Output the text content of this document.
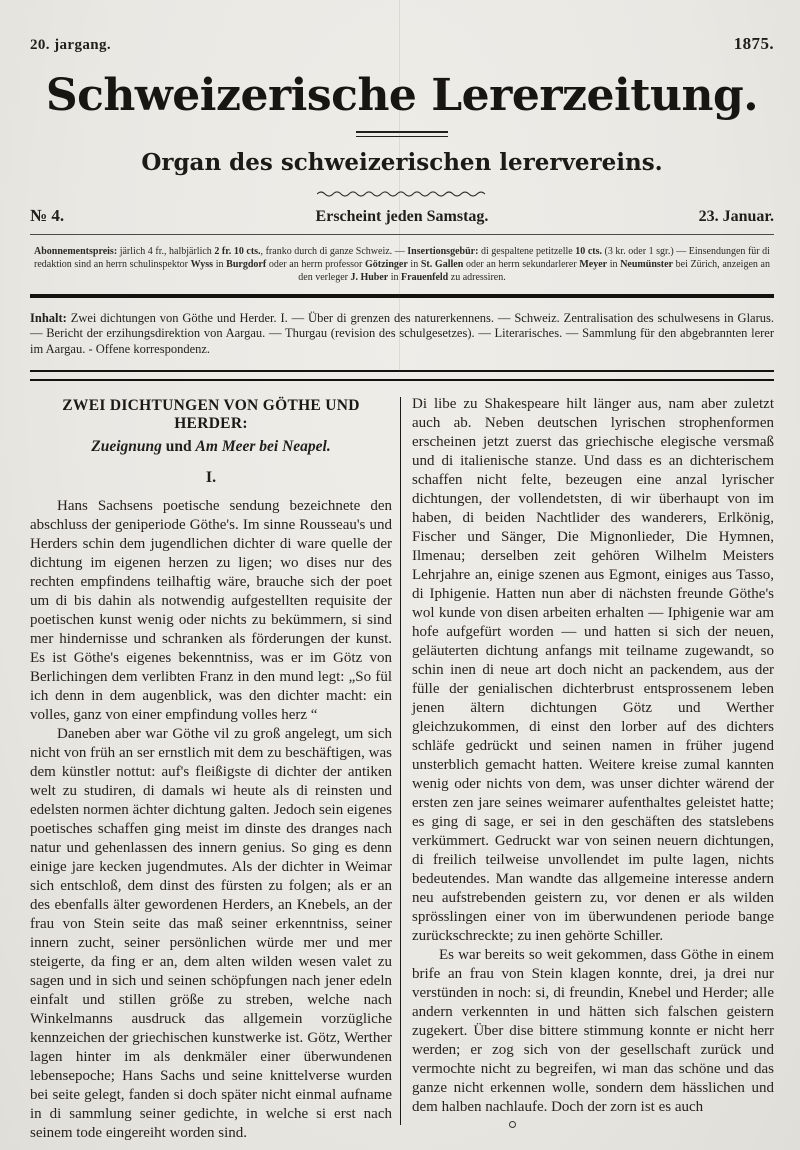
20. jargang.	1875.
Schweizerische Lererzeitung.
Organ des schweizerischen lerervereins.
№ 4.	Erscheint jeden Samstag.	23. Januar.

Abonnementspreis: järlich 4 fr., halbjärlich 2 fr. 10 cts., franko durch di ganze Schweiz. — Insertionsgebür: di gespaltene petitzelle 10 cts. (3 kr. oder 1 sgr.) — Einsendungen für di redaktion sind an herrn schulinspektor Wyss in Burgdorf oder an herrn professor Götzinger in St. Gallen oder an herrn sekundarlerer Meyer in Neumünster bei Zürich, anzeigen an den verleger J. Huber in Frauenfeld zu adressiren.

Inhalt: Zwei dichtungen von Göthe und Herder. I. — Über di grenzen des naturerkennens. — Schweiz. Zentralisation des schulwesens in Glarus. — Bericht der erzihungsdirektion von Aargau. — Thurgau (revision des schulgesetzes). — Literarisches. — Sammlung für den abgebrannten lerer im Aargau. - Offene korrespondenz.

ZWEI DICHTUNGEN VON GÖTHE UND HERDER:
Zueignung und Am Meer bei Neapel.
I.

Hans Sachsens poetische sendung bezeichnete den abschluss der geniperiode Göthe's. Im sinne Rousseau's und Herders schin dem jugendlichen dichter di ware quelle der dichtung im eigenen herzen zu ligen; wo dises nur des rechten empfindens teilhaftig wäre, brauche sich der poet um di bis dahin als notwendig aufgestellten requisite der poetischen kunst wenig oder nichts zu bekümmern, si sind mer hindernisse und schranken als förderungen der kunst. Es ist Göthe's eigenes bekenntniss, was er im Götz von Berlichingen dem verlibten Franz in den mund legt: „So fül ich denn in dem augenblick, was den dichter macht: ein volles, ganz von einer empfindung volles herz “

Daneben aber war Göthe vil zu groß angelegt, um sich nicht von früh an ser ernstlich mit dem zu beschäftigen, was dem künstler nottut: auf's fleißigste di dichter der antiken welt zu studiren, di damals wi heute als di reinsten und edelsten normen ächter dichtung galten. Jedoch sein eigenes poetisches schaffen ging meist im dinste des dranges nach natur und gehenlassen des innern genius. So ging es denn einige jare kecken jugendmutes. Als der dichter in Weimar sich entschloß, dem dinst des fürsten zu folgen; als er an des ebenfalls älter gewordenen Herders, an Knebels, an der frau von Stein seite das maß seiner erkenntniss, seiner innern zucht, seiner persönlichen würde mer und mer steigerte, da fing er an, dem alten wilden wesen valet zu sagen und in sich und seinen schöpfungen nach jener edeln einfalt und stillen größe zu streben, welche nach Winkelmanns ausdruck das allgemein vorzügliche kennzeichen der griechischen kunstwerke ist. Götz, Werther lagen hinter im als denkmäler einer überwundenen lebensepoche; Hans Sachs und seine knittelverse wurden bei seite gelegt, fanden si doch später nicht einmal aufname in di sammlung seiner gedichte, in welche si erst nach seinem tode eingereiht worden sind.

Di libe zu Shakespeare hilt länger aus, nam aber zuletzt auch ab. Neben deutschen lyrischen strophenformen erscheinen jetzt zuerst das griechische elegische versmaß und di italienische stanze. Und dass es an dichterischem schaffen nicht felte, bezeugen eine anzal lyrischer dichtungen, der vollendetsten, di wir überhaupt von im haben, di beiden Nachtlider des wanderers, Erlkönig, Fischer und Sänger, Die Mignonlieder, Die Hymnen, Ilmenau; derselben zeit gehören Wilhelm Meisters Lehrjahre an, einige szenen aus Egmont, einiges aus Tasso, di Iphigenie. Hatten nun aber di nächsten freunde Göthe's wol kunde von disen arbeiten erhalten — Iphigenie war am hofe aufgefürt worden — und hatten si sich der neuen, geläuterten dichtung anfangs mit teilname zugewandt, so schin inen di neue art doch nicht an packendem, aus der fülle der genialischen dichterbrust entsprossenem leben jenen ältern dichtungen Götz und Werther gleichzukommen, di einst den lorber auf des dichters schläfe gedrückt und seinen namen in früher jugend unsterblich gemacht hatten. Weitere kreise zumal kannten wenig oder nichts von dem, was unser dichter wärend der ersten zen jare seines weimarer aufenthaltes geleistet hatte; es ging di sage, er sei in den geschäften des statslebens verkümmert. Gedruckt war von seinen neuern dichtungen, di freilich teilweise unvollendet im pulte lagen, nichts bedeutendes. Man wandte das allgemeine interesse andern neu aufstrebenden geistern zu, vor denen er als wilden sprösslingen einer von im überwundenen periode bange zurückschreckte; zu inen gehörte Schiller.

Es war bereits so weit gekommen, dass Göthe in einem brife an frau von Stein klagen konnte, drei, ja drei nur verstünden in noch: si, di freundin, Knebel und Herder; alle andern verkennten in und hätten sich falschen geistern zugekert. Über dise bittere stimmung konnte er nicht herr werden; er zog sich von der gesellschaft zurück und vermochte nicht zu begreifen, wi man das schöne und das ganze nicht erkennen wolle, sondern dem hässlichen und dem halben nachlaufe. Doch der zorn ist es auch
